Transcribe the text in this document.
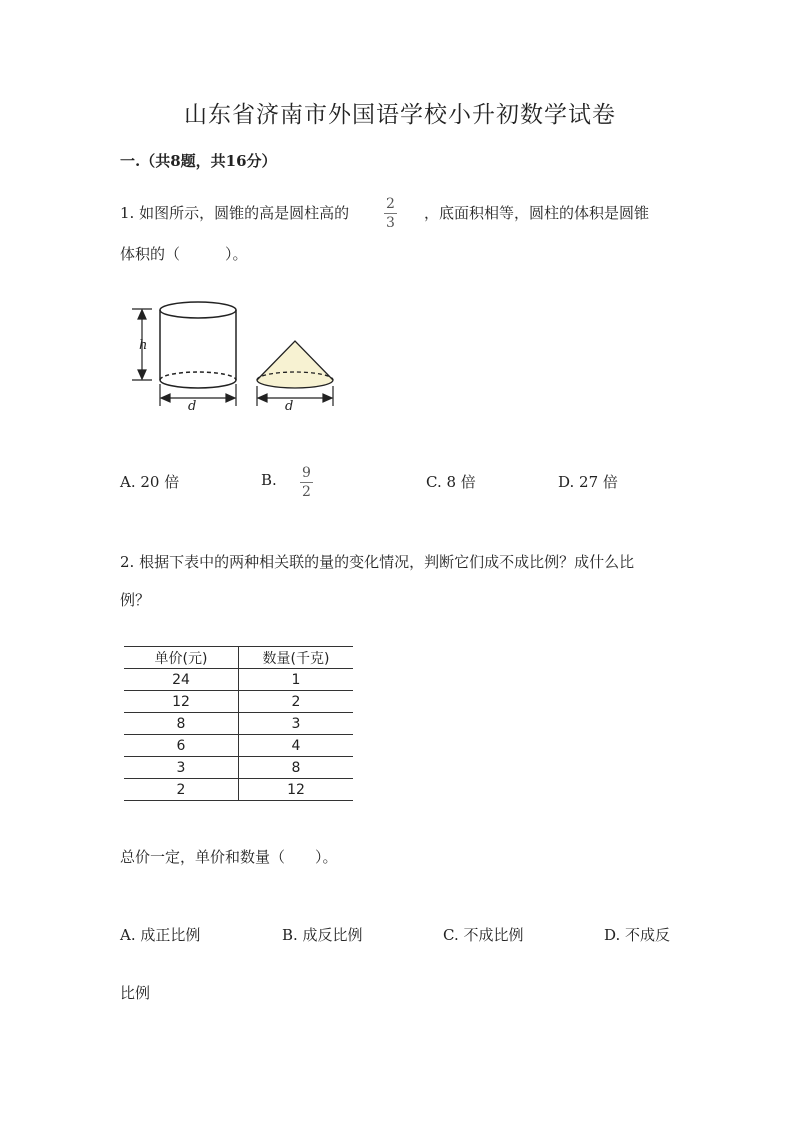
山东省济南市外国语学校小升初数学试卷
一.（共8题，共16分）
1. 如图所示，圆锥的高是圆柱高的	2
3
，底面积相等，圆柱的体积是圆锥
体积的（　　　）。
h
d	d
A. 20 倍	B. 9
2
C. 8 倍	D. 27 倍
2. 根据下表中的两种相关联的量的变化情况，判断它们成不成比例？成什么比
例？
单价(元)	数量(千克)
24	1
12	2
8	3
6	4
3	8
2	12
总价一定，单价和数量（　　）。
A. 成正比例	B. 成反比例	C. 不成比例	D. 不成反
比例
